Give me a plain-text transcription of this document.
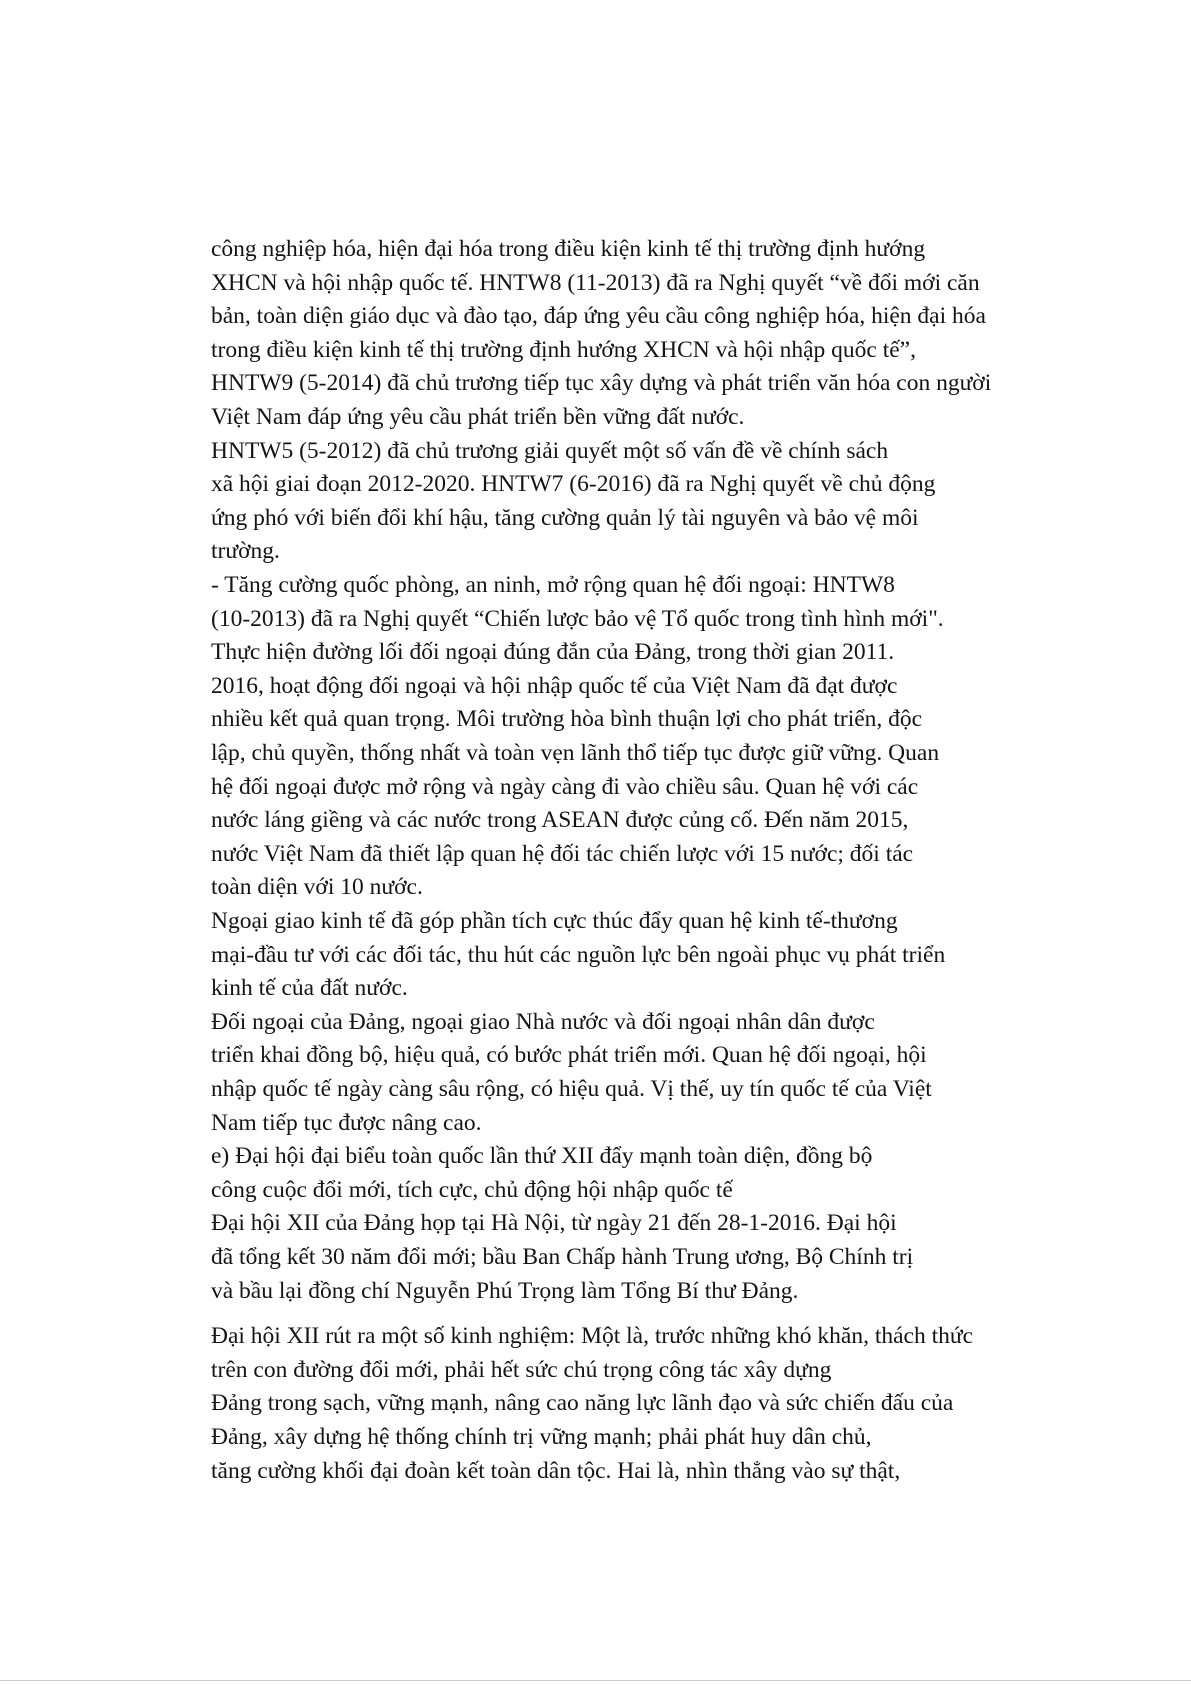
công nghiệp hóa, hiện đại hóa trong điều kiện kinh tế thị trường định hướng

XHCN và hội nhập quốc tế. HNTW8 (11-2013) đã ra Nghị quyết “về đổi mới căn

bản, toàn diện giáo dục và đào tạo, đáp ứng yêu cầu công nghiệp hóa, hiện đại hóa

trong điều kiện kinh tế thị trường định hướng XHCN và hội nhập quốc tế”,

HNTW9 (5-2014) đã chủ trương tiếp tục xây dựng và phát triển văn hóa con người

Việt Nam đáp ứng yêu cầu phát triển bền vững đất nước.

HNTW5 (5-2012) đã chủ trương giải quyết một số vấn đề về chính sách

xã hội giai đoạn 2012-2020. HNTW7 (6-2016) đã ra Nghị quyết về chủ động

ứng phó với biến đổi khí hậu, tăng cường quản lý tài nguyên và bảo vệ môi

trường.

- Tăng cường quốc phòng, an ninh, mở rộng quan hệ đối ngoại: HNTW8

(10-2013) đã ra Nghị quyết “Chiến lược bảo vệ Tổ quốc trong tình hình mới".

Thực hiện đường lối đối ngoại đúng đắn của Đảng, trong thời gian 2011.

2016, hoạt động đối ngoại và hội nhập quốc tế của Việt Nam đã đạt được

nhiều kết quả quan trọng. Môi trường hòa bình thuận lợi cho phát triển, độc

lập, chủ quyền, thống nhất và toàn vẹn lãnh thổ tiếp tục được giữ vững. Quan

hệ đối ngoại được mở rộng và ngày càng đi vào chiều sâu. Quan hệ với các

nước láng giềng và các nước trong ASEAN được củng cố. Đến năm 2015,

nước Việt Nam đã thiết lập quan hệ đối tác chiến lược với 15 nước; đối tác

toàn diện với 10 nước.

Ngoại giao kinh tế đã góp phần tích cực thúc đẩy quan hệ kinh tế-thương

mại-đầu tư với các đối tác, thu hút các nguồn lực bên ngoài phục vụ phát triển

kinh tế của đất nước.

Đối ngoại của Đảng, ngoại giao Nhà nước và đối ngoại nhân dân được

triển khai đồng bộ, hiệu quả, có bước phát triển mới. Quan hệ đối ngoại, hội

nhập quốc tế ngày càng sâu rộng, có hiệu quả. Vị thế, uy tín quốc tế của Việt

Nam tiếp tục được nâng cao.

e) Đại hội đại biểu toàn quốc lần thứ XII đẩy mạnh toàn diện, đồng bộ

công cuộc đổi mới, tích cực, chủ động hội nhập quốc tế

Đại hội XII của Đảng họp tại Hà Nội, từ ngày 21 đến 28-1-2016. Đại hội

đã tổng kết 30 năm đổi mới; bầu Ban Chấp hành Trung ương, Bộ Chính trị

và bầu lại đồng chí Nguyễn Phú Trọng làm Tổng Bí thư Đảng.

Đại hội XII rút ra một số kinh nghiệm: Một là, trước những khó khăn, thách thức

trên con đường đổi mới, phải hết sức chú trọng công tác xây dựng

Đảng trong sạch, vững mạnh, nâng cao năng lực lãnh đạo và sức chiến đấu của

Đảng, xây dựng hệ thống chính trị vững mạnh; phải phát huy dân chủ,

tăng cường khối đại đoàn kết toàn dân tộc. Hai là, nhìn thẳng vào sự thật,
